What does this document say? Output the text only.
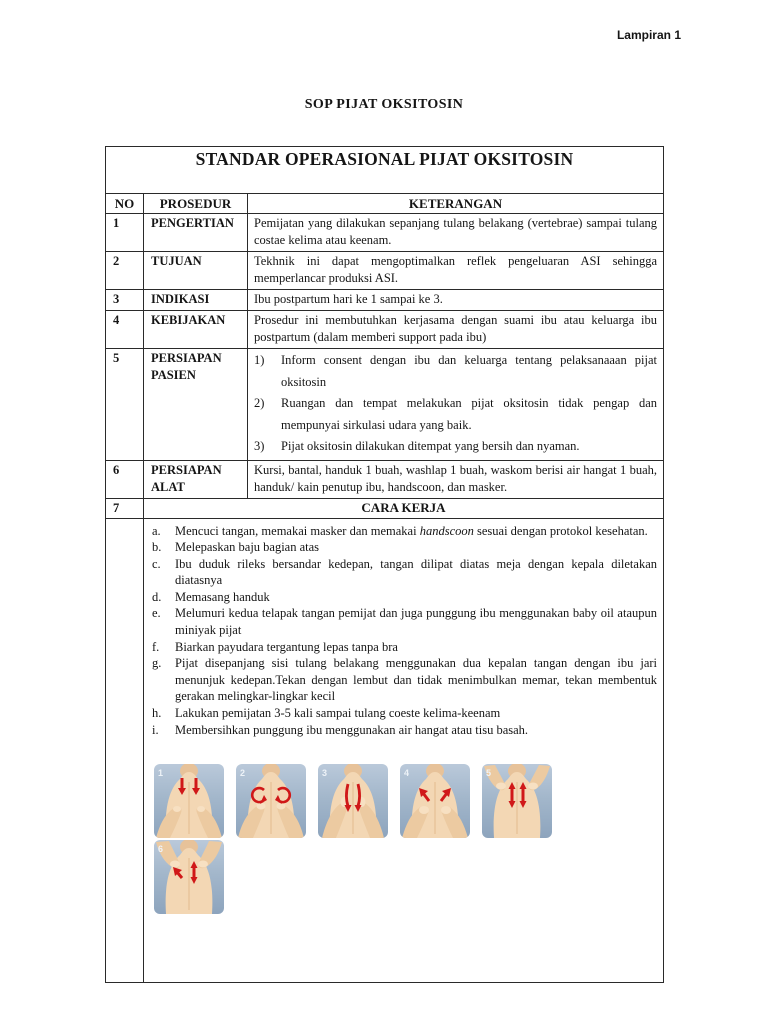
Lampiran 1
SOP PIJAT OKSITOSIN
STANDAR OPERASIONAL PIJAT OKSITOSIN		
NO	PROSEDUR	KETERANGAN
1	PENGERTIAN	Pemijatan yang dilakukan sepanjang tulang belakang (vertebrae) sampai tulang costae kelima atau keenam.
2	TUJUAN	Tekhnik ini dapat mengoptimalkan reflek pengeluaran ASI sehingga memperlancar produksi ASI.
3	INDIKASI	Ibu postpartum hari ke 1 sampai ke 3.
4	KEBIJAKAN	Prosedur ini membutuhkan kerjasama dengan suami ibu atau keluarga ibu postpartum (dalam memberi support pada ibu)
5	PERSIAPAN PASIEN	
1)	Inform consent dengan ibu dan keluarga tentang pelaksanaaan pijat oksitosin
2)	Ruangan dan tempat melakukan pijat oksitosin tidak pengap dan mempunyai sirkulasi udara yang baik.
3)	Pijat oksitosin dilakukan ditempat yang bersih dan nyaman.

6	PERSIAPAN ALAT	Kursi, bantal, handuk 1 buah, washlap 1 buah, waskom berisi air hangat 1 buah, handuk/ kain penutup ibu, handscoon, dan masker.
7	CARA KERJA	

a.	Mencuci tangan, memakai masker dan memakai handscoon sesuai dengan protokol kesehatan.
b.	Melepaskan baju bagian atas
c.	Ibu duduk rileks bersandar kedepan, tangan dilipat diatas meja dengan kepala diletakan diatasnya
d.	Memasang handuk
e.	Melumuri kedua telapak tangan pemijat dan juga punggung ibu menggunakan baby oil ataupun miniyak pijat
f.	Biarkan payudara tergantung lepas tanpa bra
g.	Pijat disepanjang sisi tulang belakang menggunakan dua kepalan tangan dengan ibu jari menunjuk kedepan.Tekan dengan lembut dan tidak menimbulkan memar, tekan membentuk gerakan melingkar-lingkar kecil
h.	Lakukan pemijatan 3-5 kali sampai tulang coeste kelima-keenam
i.	Membersihkan punggung ibu menggunakan air hangat atau tisu basah.
1	2	3	4	5
6
